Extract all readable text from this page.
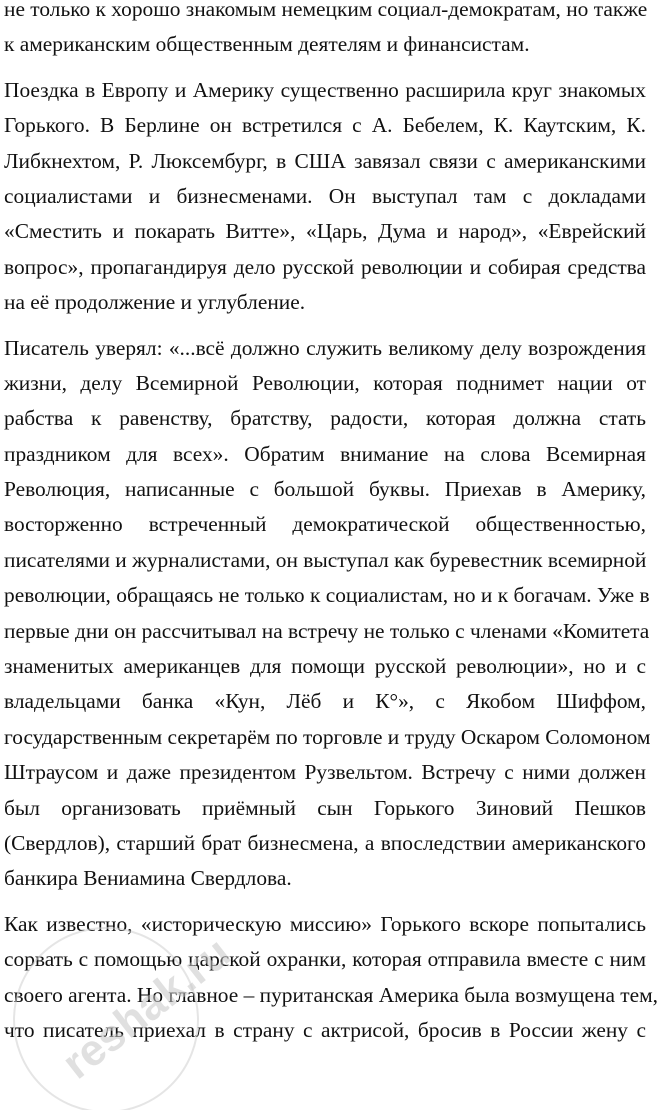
не только к хорошо знакомым немецким социал-демократам, но также
к американским общественным деятелям и финансистам.
Поездка в Европу и Америку существенно расширила круг знакомых
Горького. В Берлине он встретился с А. Бебелем, К. Каутским, К.
Либкнехтом, Р. Люксембург, в США завязал связи с американскими
социалистами и бизнесменами. Он выступал там с докладами
«Сместить и покарать Витте», «Царь, Дума и народ», «Еврейский
вопрос», пропагандируя дело русской революции и собирая средства
на её продолжение и углубление.
Писатель уверял: «...всё должно служить великому делу возрождения
жизни, делу Всемирной Революции, которая поднимет нации от
рабства к равенству, братству, радости, которая должна стать
праздником для всех». Обратим внимание на слова Всемирная
Революция, написанные с большой буквы. Приехав в Америку,
восторженно встреченный демократической общественностью,
писателями и журналистами, он выступал как буревестник всемирной
революции, обращаясь не только к социалистам, но и к богачам. Уже в
первые дни он рассчитывал на встречу не только с членами «Комитета
знаменитых американцев для помощи русской революции», но и с
владельцами банка «Кун, Лёб и К°», с Якобом Шиффом,
государственным секретарём по торговле и труду Оскаром Соломоном
Штраусом и даже президентом Рузвельтом. Встречу с ними должен
был организовать приёмный сын Горького Зиновий Пешков
(Свердлов), старший брат бизнесмена, а впоследствии американского
банкира Вениамина Свердлова.
Как известно, «историческую миссию» Горького вскоре попытались
сорвать с помощью царской охранки, которая отправила вместе с ним
своего агента. Но главное – пуританская Америка была возмущена тем,
что писатель приехал в страну с актрисой, бросив в России жену с
reshak.ru
